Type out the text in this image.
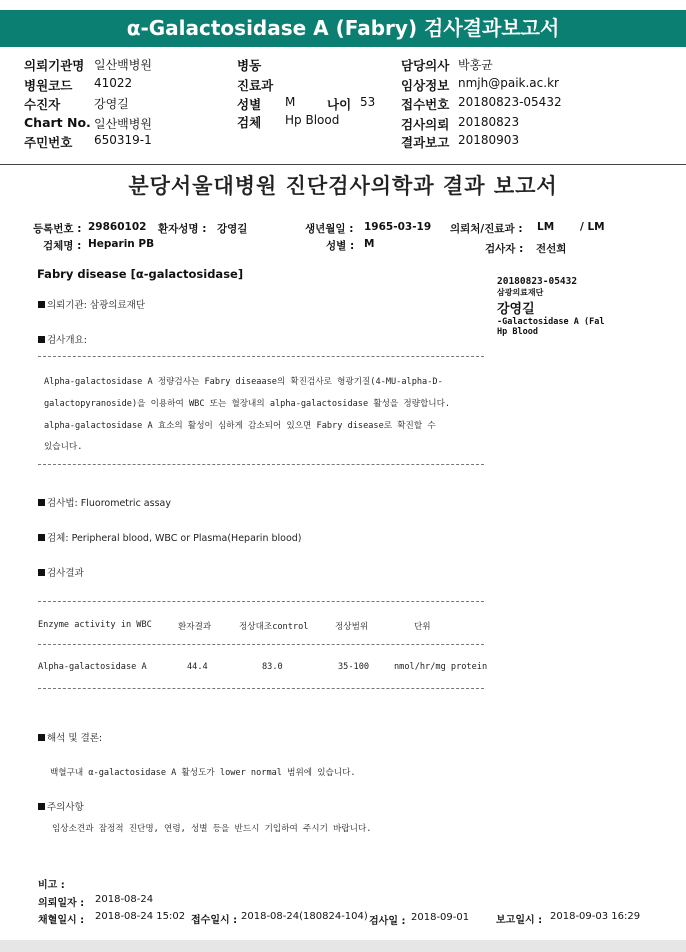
α-Galactosidase A (Fabry) 검사결과보고서
의뢰기관명 일산백병원
병원코드 41022
수진자	강영길
Chart No. 일산백병원
주민번호 650319-1
병동
진료과
성별 M	나이 53
검체 Hp Blood
담당의사 박홍균
임상정보 nmjh@paik.ac.kr
접수번호 20180823-05432
검사의뢰 20180823
결과보고 20180903
분당서울대병원 진단검사의학과 결과 보고서
등록번호 : 29860102 환자성명 : 강영길	생년월일 : 1965-03-19 의뢰처/진료과 : LM / LM
검체명 : Heparin PB	성별 : M	검사자 : 전선희
Fabry disease [α-galactosidase]
20180823-05432
삼광의료재단
강영길
-Galactosidase A (Fal
Hp Blood
의뢰기관: 삼광의료재단
검사개요:
Alpha-galactosidase A 정량검사는 Fabry diseaase의 확진검사로 형광기질(4-MU-alpha-D-
galactopyranoside)을 이용하여 WBC 또는 혈장내의 alpha-galactosidase 활성을 정량합니다.
alpha-galactosidase A 효소의 활성이 심하게 감소되어 있으면 Fabry disease로 확진할 수
있습니다.
검사법: Fluorometric assay
검체: Peripheral blood, WBC or Plasma(Heparin blood)
검사결과
Enzyme activity in WBC	환자결과	정상대조control	정상범위	단위
Alpha-galactosidase A	44.4	83.0	35-100	nmol/hr/mg protein
해석 및 결론:
백혈구내 α-galactosidase A 활성도가 lower normal 범위에 있습니다.
주의사항
임상소견과 잠정적 진단명, 연령, 성별 등을 반드시 기입하여 주시기 바랍니다.
비고 :
의뢰일자 : 2018-08-24
채혈일시 : 2018-08-24 15:02 접수일시 : 2018-08-24(180824-104) 검사일 : 2018-09-01	보고일시 : 2018-09-03 16:29
